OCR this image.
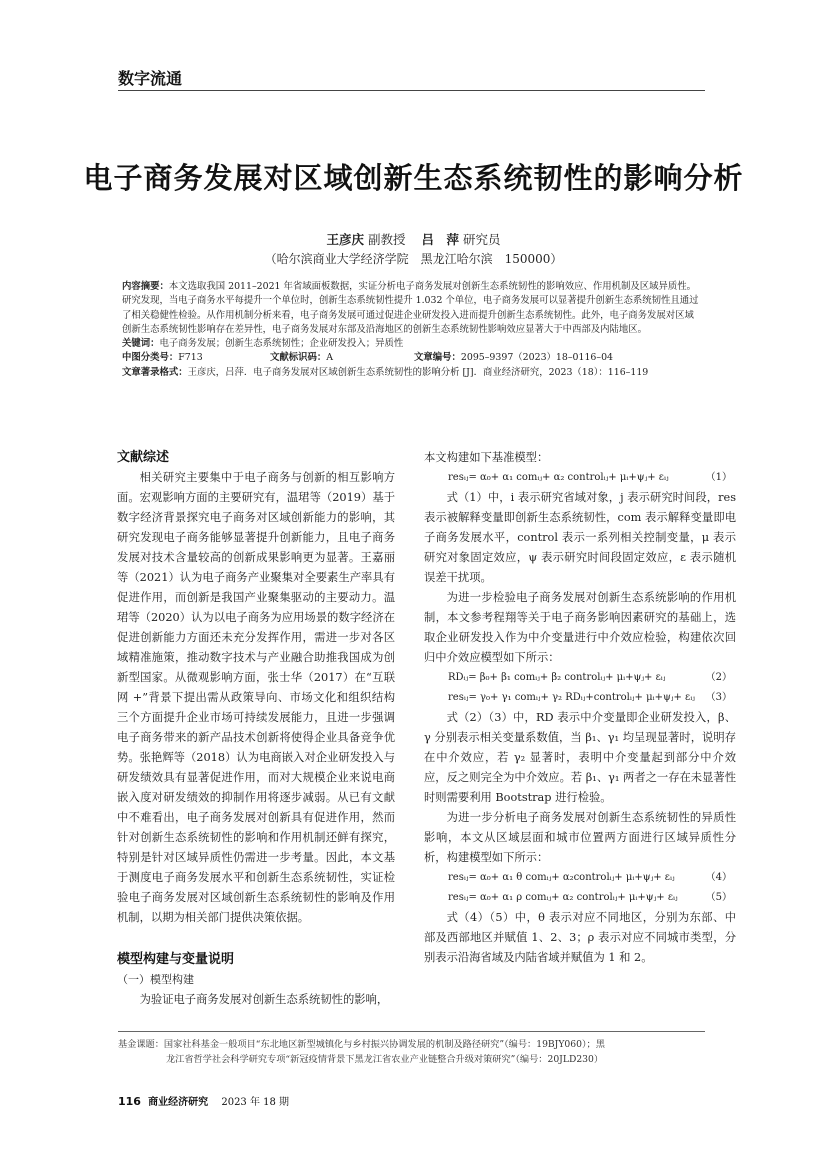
数字流通
电子商务发展对区域创新生态系统韧性的影响分析
王彦庆 副教授 吕　萍 研究员
（哈尔滨商业大学经济学院　黑龙江哈尔滨　150000）
内容摘要：本文选取我国 2011–2021 年省域面板数据，实证分析电子商务发展对创新生态系统韧性的影响效应、作用机制及区域异质性。研究发现，当电子商务水平每提升一个单位时，创新生态系统韧性提升 1.032 个单位，电子商务发展可以显著提升创新生态系统韧性且通过了相关稳健性检验。从作用机制分析来看，电子商务发展可通过促进企业研发投入进而提升创新生态系统韧性。此外，电子商务发展对区域创新生态系统韧性影响存在差异性，电子商务发展对东部及沿海地区的创新生态系统韧性影响效应显著大于中西部及内陆地区。
关键词：电子商务发展；创新生态系统韧性；企业研发投入；异质性
中图分类号：F713	文献标识码：A	文章编号：2095–9397（2023）18–0116–04
文章著录格式：王彦庆，吕萍．电子商务发展对区域创新生态系统韧性的影响分析 [J]．商业经济研究，2023（18）：116–119
文献综述

相关研究主要集中于电子商务与创新的相互影响方面。宏观影响方面的主要研究有，温珺等（2019）基于数字经济背景探究电子商务对区域创新能力的影响，其研究发现电子商务能够显著提升创新能力，且电子商务发展对技术含量较高的创新成果影响更为显著。王嘉丽等（2021）认为电子商务产业聚集对全要素生产率具有促进作用，而创新是我国产业聚集驱动的主要动力。温珺等（2020）认为以电子商务为应用场景的数字经济在促进创新能力方面还未充分发挥作用，需进一步对各区域精准施策，推动数字技术与产业融合助推我国成为创新型国家。从微观影响方面，张士华（2017）在“互联网 +”背景下提出需从政策导向、市场文化和组织结构三个方面提升企业市场可持续发展能力，且进一步强调电子商务带来的新产品技术创新将使得企业具备竞争优势。张艳辉等（2018）认为电商嵌入对企业研发投入与研发绩效具有显著促进作用，而对大规模企业来说电商嵌入度对研发绩效的抑制作用将逐步减弱。从已有文献中不难看出，电子商务发展对创新具有促进作用，然而针对创新生态系统韧性的影响和作用机制还鲜有探究，特别是针对区域异质性仍需进一步考量。因此，本文基于测度电子商务发展水平和创新生态系统韧性，实证检验电子商务发展对区域创新生态系统韧性的影响及作用机制，以期为相关部门提供决策依据。

模型构建与变量说明
（一）模型构建

为验证电子商务发展对创新生态系统韧性的影响，

本文构建如下基准模型：

resᵢⱼ= α₀+ α₁ comᵢⱼ+ α₂ controlᵢⱼ+ μᵢ+ψⱼ+ εᵢⱼ	（1）

式（1）中，i 表示研究省域对象，j 表示研究时间段，res 表示被解释变量即创新生态系统韧性，com 表示解释变量即电子商务发展水平，control 表示一系列相关控制变量，μ 表示研究对象固定效应，ψ 表示研究时间段固定效应，ε 表示随机误差干扰项。

为进一步检验电子商务发展对创新生态系统影响的作用机制，本文参考程翔等关于电子商务影响因素研究的基础上，选取企业研发投入作为中介变量进行中介效应检验，构建依次回归中介效应模型如下所示：

RDᵢⱼ= β₀+ β₁ comᵢⱼ+ β₂ controlᵢⱼ+ μᵢ+ψⱼ+ εᵢⱼ	（2）
resᵢⱼ= γ₀+ γ₁ comᵢⱼ+ γ₂ RDᵢⱼ+controlᵢⱼ+ μᵢ+ψⱼ+ εᵢⱼ （3）

式（2）（3）中，RD 表示中介变量即企业研发投入，β、γ 分别表示相关变量系数值，当 β₁、γ₁ 均呈现显著时，说明存在中介效应，若 γ₂ 显著时，表明中介变量起到部分中介效应，反之则完全为中介效应。若 β₁、γ₁ 两者之一存在未显著性时则需要利用 Bootstrap 进行检验。

为进一步分析电子商务发展对创新生态系统韧性的异质性影响，本文从区域层面和城市位置两方面进行区域异质性分析，构建模型如下所示：

resᵢⱼ= α₀+ α₁ θ comᵢⱼ+ α₂controlᵢⱼ+ μᵢ+ψⱼ+ εᵢⱼ	（4）
resᵢⱼ= α₀+ α₁ ρ comᵢⱼ+ α₂ controlᵢⱼ+ μᵢ+ψⱼ+ εᵢⱼ	（5）

式（4）（5）中，θ 表示对应不同地区，分别为东部、中部及西部地区并赋值 1、2、3；ρ 表示对应不同城市类型，分别表示沿海省域及内陆省域并赋值为 1 和 2。

基金课题：国家社科基金一般项目“东北地区新型城镇化与乡村振兴协调发展的机制及路径研究”（编号：19BJY060）；黑
龙江省哲学社会科学研究专项“新冠疫情背景下黑龙江省农业产业链整合升级对策研究”（编号：20JLD230）
116 商业经济研究 2023 年 18 期
